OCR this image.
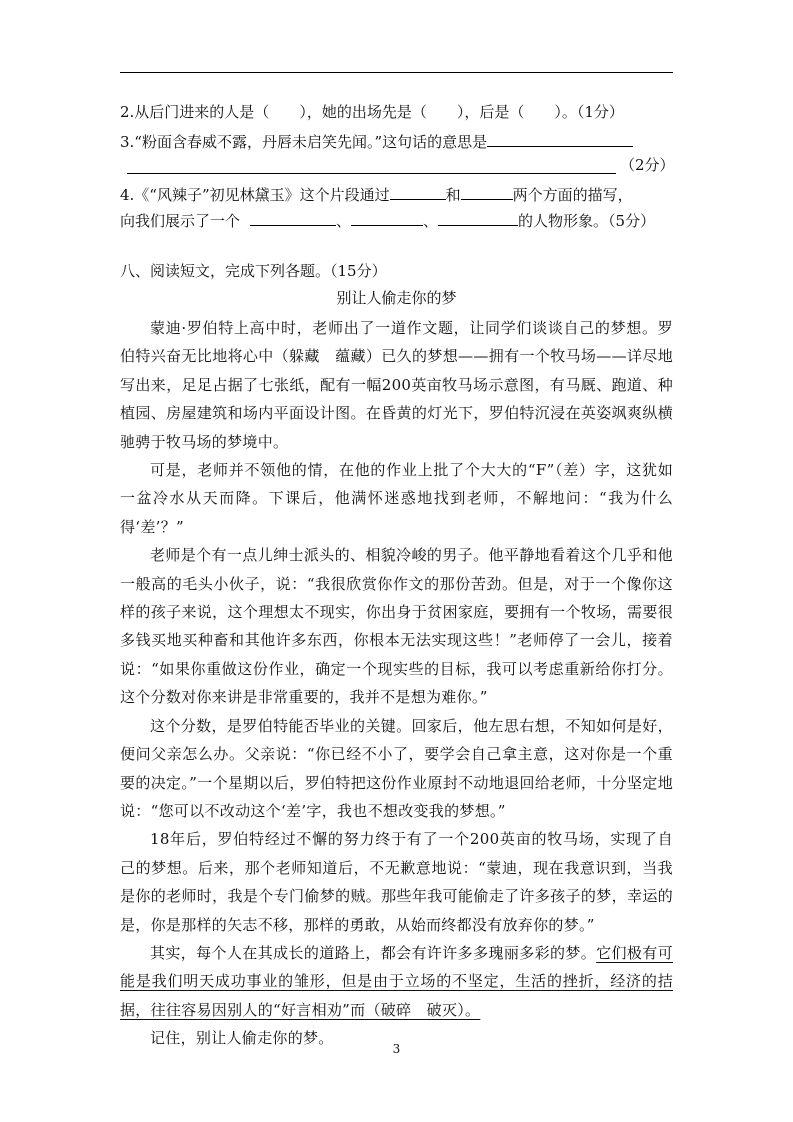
2.从后门进来的人是（　　），她的出场先是（　　），后是（　　）。（1分）
3.“粉面含春威不露，丹唇未启笑先闻。”这句话的意思是
（2分）
4.《“风辣子”初见林黛玉》这个片段通过	和	两个方面的描写，
向我们展示了一个	、	、	的人物形象。（5分）
八、阅读短文，完成下列各题。（15分）
别让人偷走你的梦

蒙迪·罗伯特上高中时，老师出了一道作文题，让同学们谈谈自己的梦想。罗伯特兴奋无比地将心中（躲藏　蕴藏）已久的梦想——拥有一个牧马场——详尽地写出来，足足占据了七张纸，配有一幅200英亩牧马场示意图，有马厩、跑道、种植园、房屋建筑和场内平面设计图。在昏黄的灯光下，罗伯特沉浸在英姿飒爽纵横驰骋于牧马场的梦境中。

可是，老师并不领他的情，在他的作业上批了个大大的“F”（差）字，这犹如一盆冷水从天而降。下课后，他满怀迷惑地找到老师，不解地问：“我为什么得‘差’？”

老师是个有一点儿绅士派头的、相貌冷峻的男子。他平静地看着这个几乎和他一般高的毛头小伙子，说：“我很欣赏你作文的那份苦劲。但是，对于一个像你这样的孩子来说，这个理想太不现实，你出身于贫困家庭，要拥有一个牧场，需要很多钱买地买种畜和其他许多东西，你根本无法实现这些！”老师停了一会儿，接着说：“如果你重做这份作业，确定一个现实些的目标，我可以考虑重新给你打分。这个分数对你来讲是非常重要的，我并不是想为难你。”

这个分数，是罗伯特能否毕业的关键。回家后，他左思右想，不知如何是好，便问父亲怎么办。父亲说：“你已经不小了，要学会自己拿主意，这对你是一个重要的决定。”一个星期以后，罗伯特把这份作业原封不动地退回给老师，十分坚定地说：“您可以不改动这个‘差’字，我也不想改变我的梦想。”

18年后，罗伯特经过不懈的努力终于有了一个200英亩的牧马场，实现了自己的梦想。后来，那个老师知道后，不无歉意地说：“蒙迪，现在我意识到，当我是你的老师时，我是个专门偷梦的贼。那些年我可能偷走了许多孩子的梦，幸运的是，你是那样的矢志不移，那样的勇敢，从始而终都没有放弃你的梦。”

其实，每个人在其成长的道路上，都会有许许多多瑰丽多彩的梦。它们极有可能是我们明天成功事业的雏形，但是由于立场的不坚定，生活的挫折，经济的拮据，往往容易因别人的“好言相劝”而（破碎　破灭）。

记住，别让人偷走你的梦。

3
